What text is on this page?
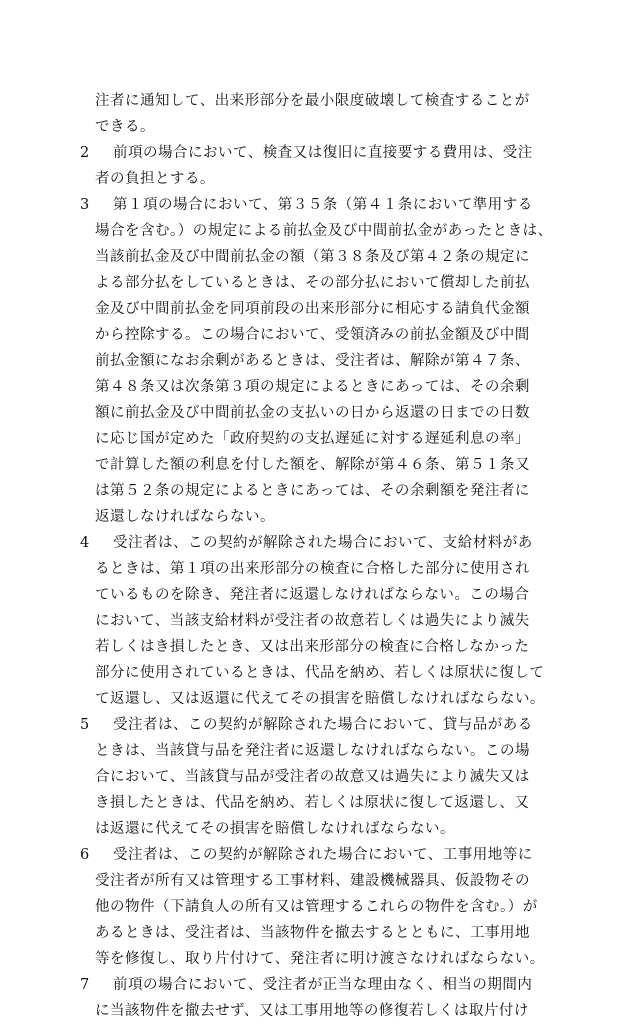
注者に通知して、出来形部分を最小限度破壊して検査することが
できる。
2 前項の場合において、検査又は復旧に直接要する費用は、受注
者の負担とする。
3 第１項の場合において、第３５条（第４１条において準用する
場合を含む。）の規定による前払金及び中間前払金があったときは、
当該前払金及び中間前払金の額（第３８条及び第４２条の規定に
よる部分払をしているときは、その部分払において償却した前払
金及び中間前払金を同項前段の出来形部分に相応する請負代金額
から控除する。この場合において、受領済みの前払金額及び中間
前払金額になお余剰があるときは、受注者は、解除が第４７条、
第４８条又は次条第３項の規定によるときにあっては、その余剰
額に前払金及び中間前払金の支払いの日から返還の日までの日数
に応じ国が定めた「政府契約の支払遅延に対する遅延利息の率」
で計算した額の利息を付した額を、解除が第４６条、第５１条又
は第５２条の規定によるときにあっては、その余剰額を発注者に
返還しなければならない。
4 受注者は、この契約が解除された場合において、支給材料があ
るときは、第１項の出来形部分の検査に合格した部分に使用され
ているものを除き、発注者に返還しなければならない。この場合
において、当該支給材料が受注者の故意若しくは過失により滅失
若しくはき損したとき、又は出来形部分の検査に合格しなかった
部分に使用されているときは、代品を納め、若しくは原状に復して
て返還し、又は返還に代えてその損害を賠償しなければならない。
5 受注者は、この契約が解除された場合において、貸与品がある
ときは、当該貸与品を発注者に返還しなければならない。この場
合において、当該貸与品が受注者の故意又は過失により滅失又は
き損したときは、代品を納め、若しくは原状に復して返還し、又
は返還に代えてその損害を賠償しなければならない。
6 受注者は、この契約が解除された場合において、工事用地等に
受注者が所有又は管理する工事材料、建設機械器具、仮設物その
他の物件（下請負人の所有又は管理するこれらの物件を含む。）が
あるときは、受注者は、当該物件を撤去するとともに、工事用地
等を修復し、取り片付けて、発注者に明け渡さなければならない。
7 前項の場合において、受注者が正当な理由なく、相当の期間内
に当該物件を撤去せず、又は工事用地等の修復若しくは取片付け
